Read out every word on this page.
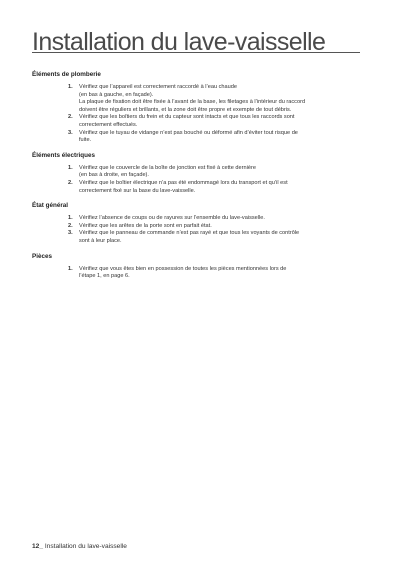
Installation du lave-vaisselle
Éléments de plomberie
1.	Vérifiez que l’appareil est correctement raccordé à l’eau chaude
(en bas à gauche, en façade).
La plaque de fixation doit être fixée à l’avant de la base, les filetages à l’intérieur du raccord
doivent être réguliers et brillants, et la zone doit être propre et exempte de tout débris.
2.	Vérifiez que les boîtiers du frein et du capteur sont intacts et que tous les raccords sont
correctement effectués.
3.	Vérifiez que le tuyau de vidange n’est pas bouché ou déformé afin d’éviter tout risque de
fuite.
Éléments électriques
1.	Vérifiez que le couvercle de la boîte de jonction est fixé à cette dernière
(en bas à droite, en façade).
2.	Vérifiez que le boîtier électrique n’a pas été endommagé lors du transport et qu’il est
correctement fixé sur la base du lave-vaisselle.
État général
1.	Vérifiez l’absence de coups ou de rayures sur l’ensemble du lave-vaisselle.
2.	Vérifiez que les arêtes de la porte sont en parfait état.
3.	Vérifiez que le panneau de commande n’est pas rayé et que tous les voyants de contrôle
sont à leur place.
Pièces
1.	Vérifiez que vous êtes bien en possession de toutes les pièces mentionnées lors de
l’étape 1, en page 6.
12_ Installation du lave-vaisselle
